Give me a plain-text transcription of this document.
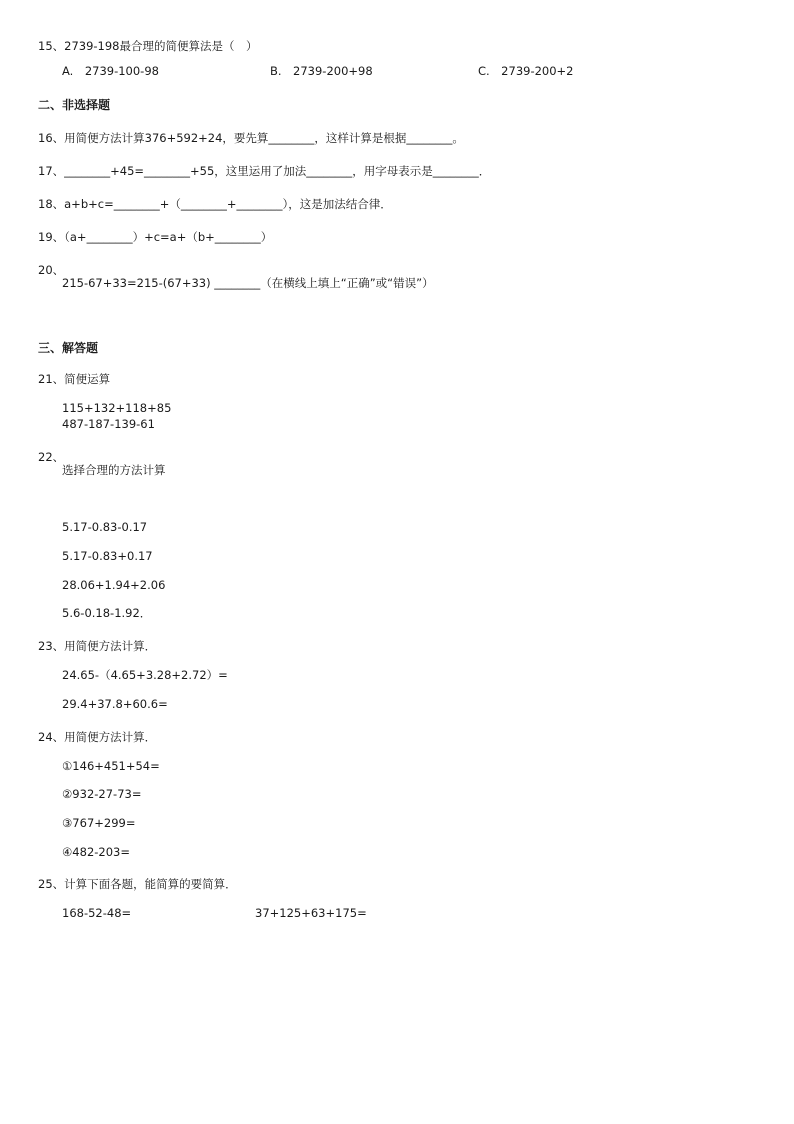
15、2739-198最合理的简便算法是（　）
A.　2739-100-98	B.　2739-200+98	C.　2739-200+2
二、非选择题
16、用简便方法计算376+592+24，要先算________，这样计算是根据________。
17、________+45=________+55，这里运用了加法________，用字母表示是________．
18、a+b+c=________+（________+________），这是加法结合律．
19、（a+________）+c=a+（b+________）
20、
215-67+33=215-(67+33) ________（在横线上填上“正确”或“错误”）
三、解答题
21、简便运算
115+132+118+85
487-187-139-61
22、
选择合理的方法计算
5.17-0.83-0.17
5.17-0.83+0.17
28.06+1.94+2.06
5.6-0.18-1.92．
23、用简便方法计算．
24.65-（4.65+3.28+2.72）=
29.4+37.8+60.6=
24、用简便方法计算．
①146+451+54=
②932-27-73=
③767+299=
④482-203=
25、计算下面各题，能简算的要简算．
168-52-48=	37+125+63+175=
